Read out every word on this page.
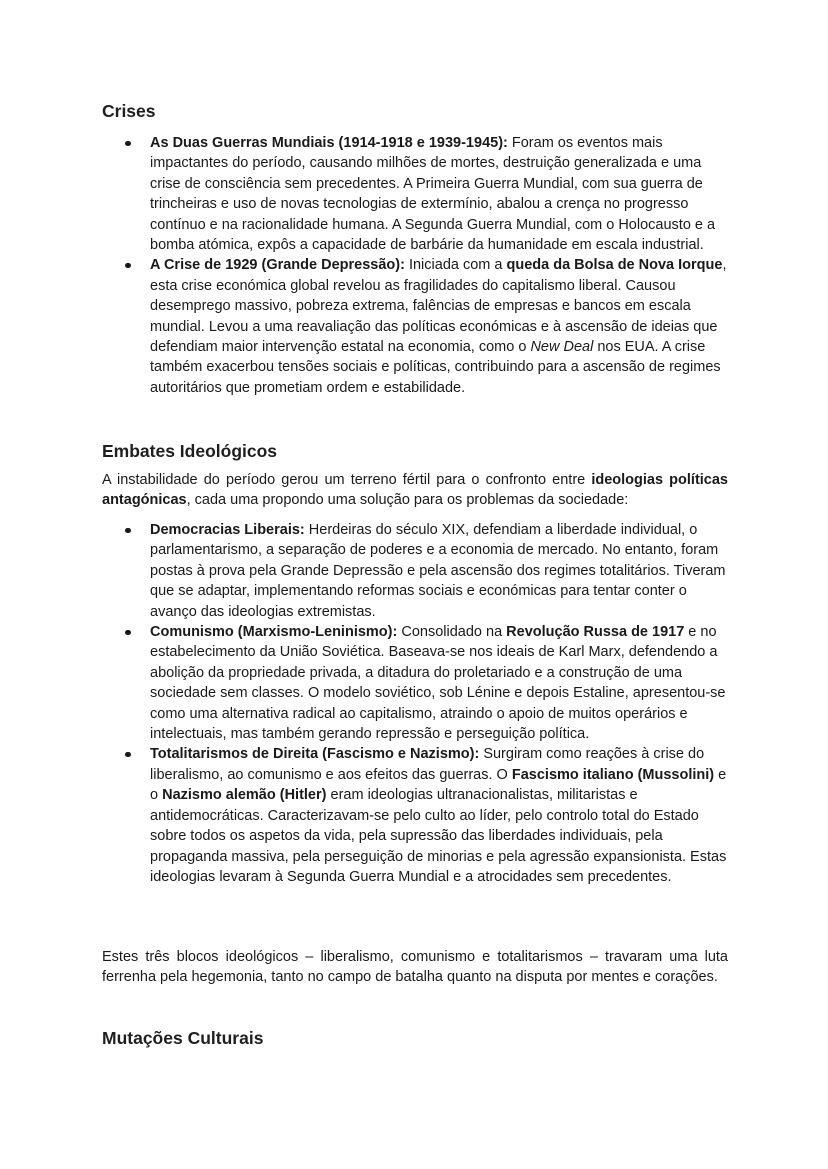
Crises
As Duas Guerras Mundiais (1914-1918 e 1939-1945): Foram os eventos mais impactantes do período, causando milhões de mortes, destruição generalizada e uma crise de consciência sem precedentes. A Primeira Guerra Mundial, com sua guerra de trincheiras e uso de novas tecnologias de extermínio, abalou a crença no progresso contínuo e na racionalidade humana. A Segunda Guerra Mundial, com o Holocausto e a bomba atómica, expôs a capacidade de barbárie da humanidade em escala industrial.
A Crise de 1929 (Grande Depressão): Iniciada com a queda da Bolsa de Nova Iorque, esta crise económica global revelou as fragilidades do capitalismo liberal. Causou desemprego massivo, pobreza extrema, falências de empresas e bancos em escala mundial. Levou a uma reavaliação das políticas económicas e à ascensão de ideias que defendiam maior intervenção estatal na economia, como o New Deal nos EUA. A crise também exacerbou tensões sociais e políticas, contribuindo para a ascensão de regimes autoritários que prometiam ordem e estabilidade.
Embates Ideológicos

A instabilidade do período gerou um terreno fértil para o confronto entre ideologias políticas antagónicas, cada uma propondo uma solução para os problemas da sociedade:

Democracias Liberais: Herdeiras do século XIX, defendiam a liberdade individual, o parlamentarismo, a separação de poderes e a economia de mercado. No entanto, foram postas à prova pela Grande Depressão e pela ascensão dos regimes totalitários. Tiveram que se adaptar, implementando reformas sociais e económicas para tentar conter o avanço das ideologias extremistas.
Comunismo (Marxismo-Leninismo): Consolidado na Revolução Russa de 1917 e no estabelecimento da União Soviética. Baseava-se nos ideais de Karl Marx, defendendo a abolição da propriedade privada, a ditadura do proletariado e a construção de uma sociedade sem classes. O modelo soviético, sob Lénine e depois Estaline, apresentou-se como uma alternativa radical ao capitalismo, atraindo o apoio de muitos operários e intelectuais, mas também gerando repressão e perseguição política.
Totalitarismos de Direita (Fascismo e Nazismo): Surgiram como reações à crise do liberalismo, ao comunismo e aos efeitos das guerras. O Fascismo italiano (Mussolini) e o Nazismo alemão (Hitler) eram ideologias ultranacionalistas, militaristas e antidemocráticas. Caracterizavam-se pelo culto ao líder, pelo controlo total do Estado sobre todos os aspetos da vida, pela supressão das liberdades individuais, pela propaganda massiva, pela perseguição de minorias e pela agressão expansionista. Estas ideologias levaram à Segunda Guerra Mundial e a atrocidades sem precedentes.

Estes três blocos ideológicos – liberalismo, comunismo e totalitarismos – travaram uma luta ferrenha pela hegemonia, tanto no campo de batalha quanto na disputa por mentes e corações.

Mutações Culturais
